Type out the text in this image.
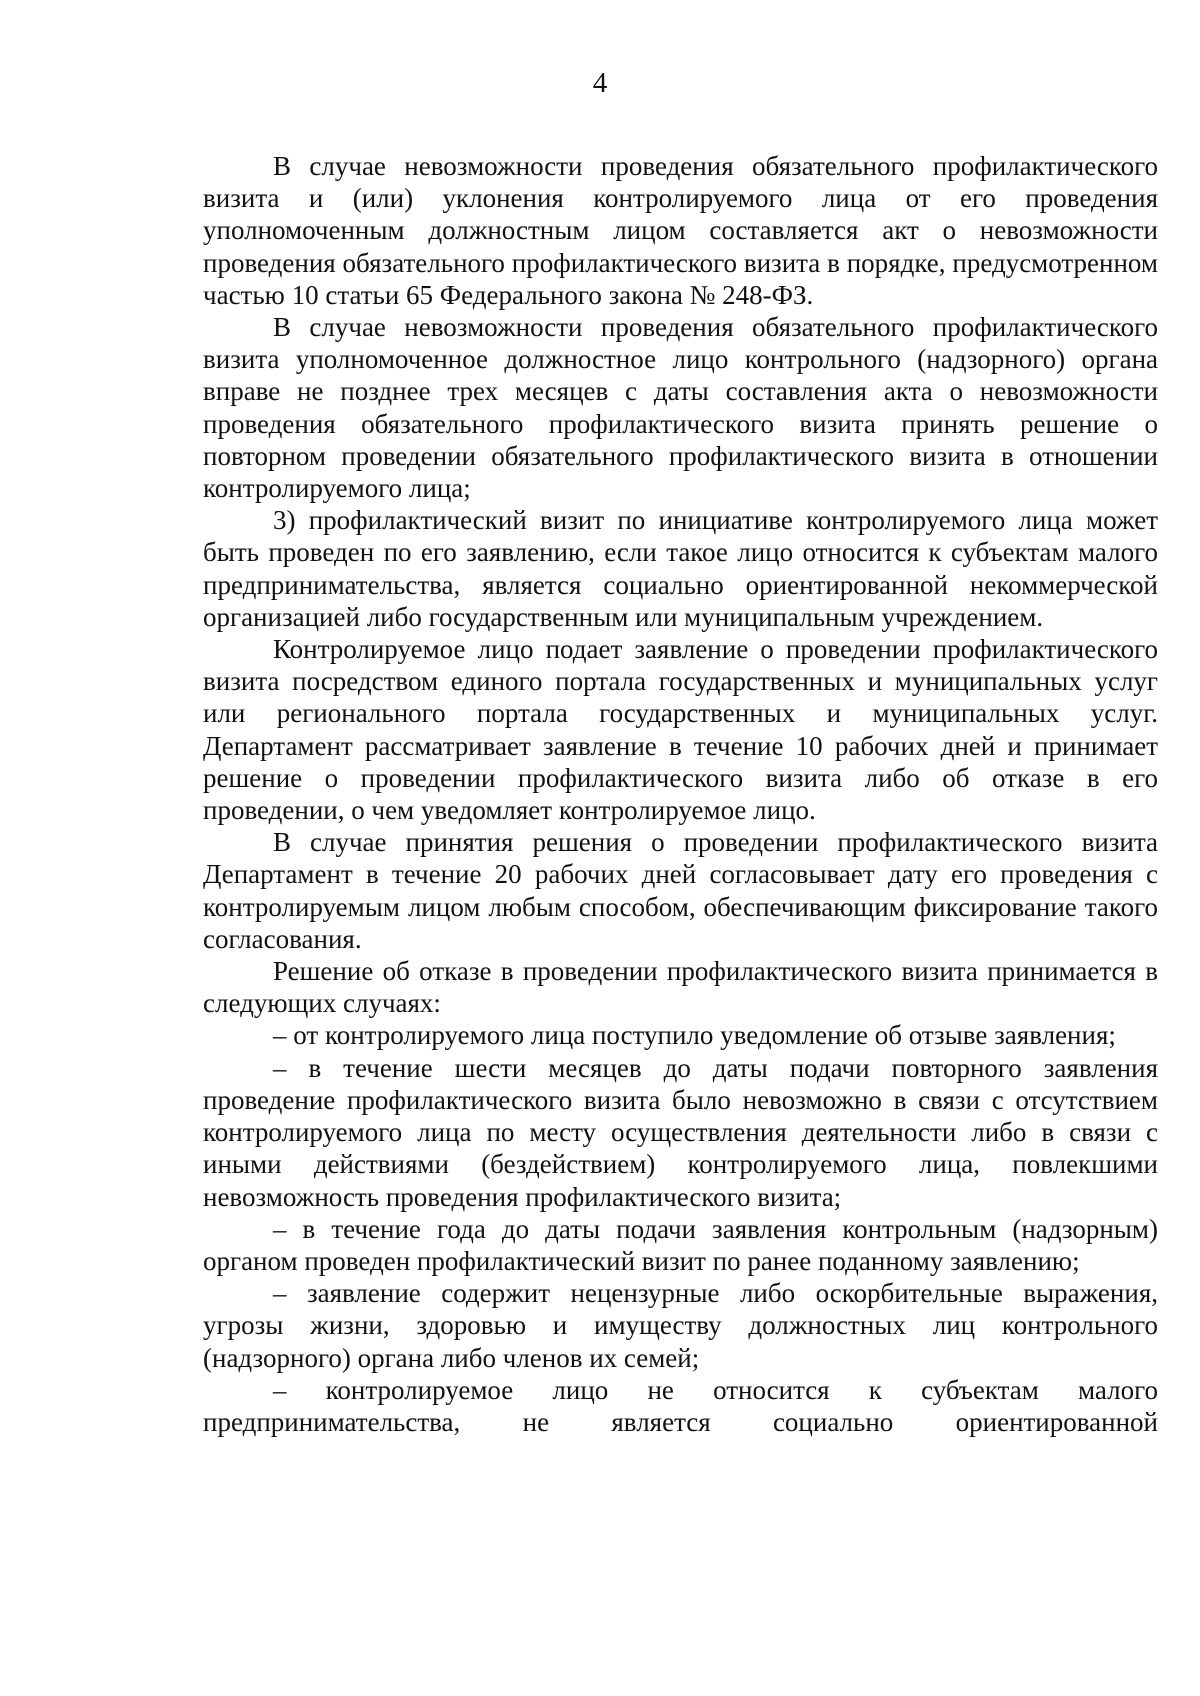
4

В случае невозможности проведения обязательного профилактического визита и (или) уклонения контролируемого лица от его проведения уполномоченным должностным лицом составляется акт о невозможности проведения обязательного профилактического визита в порядке, предусмотренном частью 10 статьи 65 Федерального закона № 248-ФЗ.

В случае невозможности проведения обязательного профилактического визита уполномоченное должностное лицо контрольного (надзорного) органа вправе не позднее трех месяцев с даты составления акта о невозможности проведения обязательного профилактического визита принять решение о повторном проведении обязательного профилактического визита в отношении контролируемого лица;

3) профилактический визит по инициативе контролируемого лица может быть проведен по его заявлению, если такое лицо относится к субъектам малого предпринимательства, является социально ориентированной некоммерческой организацией либо государственным или муниципальным учреждением.

Контролируемое лицо подает заявление о проведении профилактического визита посредством единого портала государственных и муниципальных услуг или регионального портала государственных и муниципальных услуг. Департамент рассматривает заявление в течение 10 рабочих дней и принимает решение о проведении профилактического визита либо об отказе в его проведении, о чем уведомляет контролируемое лицо.

В случае принятия решения о проведении профилактического визита Департамент в течение 20 рабочих дней согласовывает дату его проведения с контролируемым лицом любым способом, обеспечивающим фиксирование такого согласования.

Решение об отказе в проведении профилактического визита принимается в следующих случаях:

– от контролируемого лица поступило уведомление об отзыве заявления;

– в течение шести месяцев до даты подачи повторного заявления проведение профилактического визита было невозможно в связи с отсутствием контролируемого лица по месту осуществления деятельности либо в связи с иными действиями (бездействием) контролируемого лица, повлекшими невозможность проведения профилактического визита;

– в течение года до даты подачи заявления контрольным (надзорным) органом проведен профилактический визит по ранее поданному заявлению;

– заявление содержит нецензурные либо оскорбительные выражения, угрозы жизни, здоровью и имуществу должностных лиц контрольного (надзорного) органа либо членов их семей;

– контролируемое лицо не относится к субъектам малого предпринимательства, не является социально ориентированной
